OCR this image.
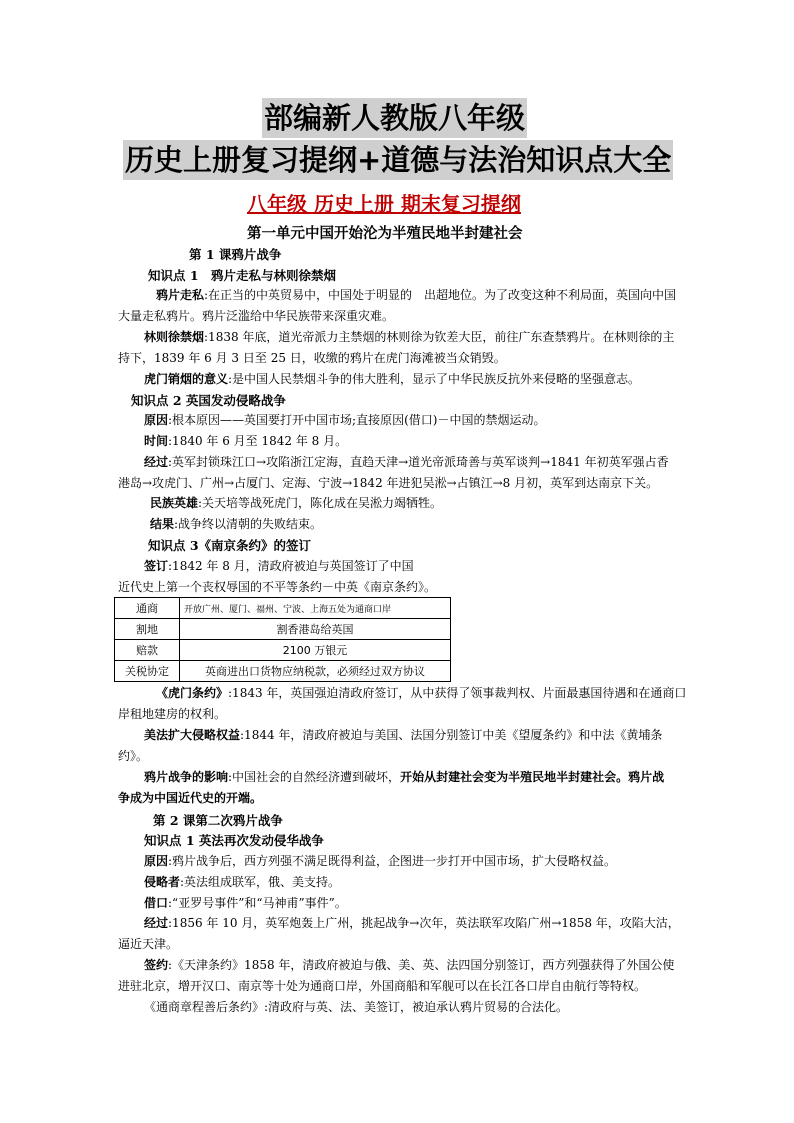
部编新人教版八年级
历史上册复习提纲+道德与法治知识点大全
八年级 历史上册 期末复习提纲
第一单元中国开始沦为半殖民地半封建社会
第 1 课鸦片战争
知识点 1　鸦片走私与林则徐禁烟
鸦片走私:在正当的中英贸易中，中国处于明显的　出超地位。为了改变这种不利局面，英国向中国
大量走私鸦片。鸦片泛滥给中华民族带来深重灾难。
林则徐禁烟:1838 年底，道光帝派力主禁烟的林则徐为钦差大臣，前往广东查禁鸦片。在林则徐的主
持下，1839 年 6 月 3 日至 25 日，收缴的鸦片在虎门海滩被当众销毁。
虎门销烟的意义:是中国人民禁烟斗争的伟大胜利，显示了中华民族反抗外来侵略的坚强意志。
知识点 2 英国发动侵略战争
原因:根本原因——英国要打开中国市场;直接原因(借口)－中国的禁烟运动。
时间:1840 年 6 月至 1842 年 8 月。
经过:英军封锁珠江口→攻陷浙江定海，直趋天津→道光帝派琦善与英军谈判→1841 年初英军强占香
港岛→攻虎门、广州→占厦门、定海、宁波→1842 年进犯吴淞→占镇江→8 月初，英军到达南京下关。
民族英雄:关天培等战死虎门，陈化成在吴淞力竭牺牲。
结果:战争终以清朝的失败结束。
知识点 3《南京条约》的签订
签订:1842 年 8 月，清政府被迫与英国签订了中国
近代史上第一个丧权辱国的不平等条约－中英《南京条约》。
通商	开放广州、厦门、福州、宁波、上海五处为通商口岸
割地	割香港岛给英国
赔款	2100 万银元
关税协定	英商进出口货物应纳税款，必须经过双方协议
《虎门条约》:1843 年，英国强迫清政府签订，从中获得了领事裁判权、片面最惠国待遇和在通商口
岸租地建房的权利。
美法扩大侵略权益:1844 年，清政府被迫与美国、法国分别签订中美《望厦条约》和中法《黄埔条
约》。
鸦片战争的影响:中国社会的自然经济遭到破坏，开始从封建社会变为半殖民地半封建社会。鸦片战
争成为中国近代史的开端。
第 2 课第二次鸦片战争
知识点 1 英法再次发动侵华战争
原因:鸦片战争后，西方列强不满足既得利益，企图进一步打开中国市场，扩大侵略权益。
侵略者:英法组成联军，俄、美支持。
借口:“亚罗号事件”和“马神甫”事件”。
经过:1856 年 10 月，英军炮轰上广州，挑起战争→次年，英法联军攻陷广州→1858 年，攻陷大沽，
逼近天津。
签约:《天津条约》1858 年，清政府被迫与俄、美、英、法四国分别签订，西方列强获得了外国公使
进驻北京，增开汉口、南京等十处为通商口岸，外国商船和军舰可以在长江各口岸自由航行等特权。
《通商章程善后条约》:清政府与英、法、美签订，被迫承认鸦片贸易的合法化。
